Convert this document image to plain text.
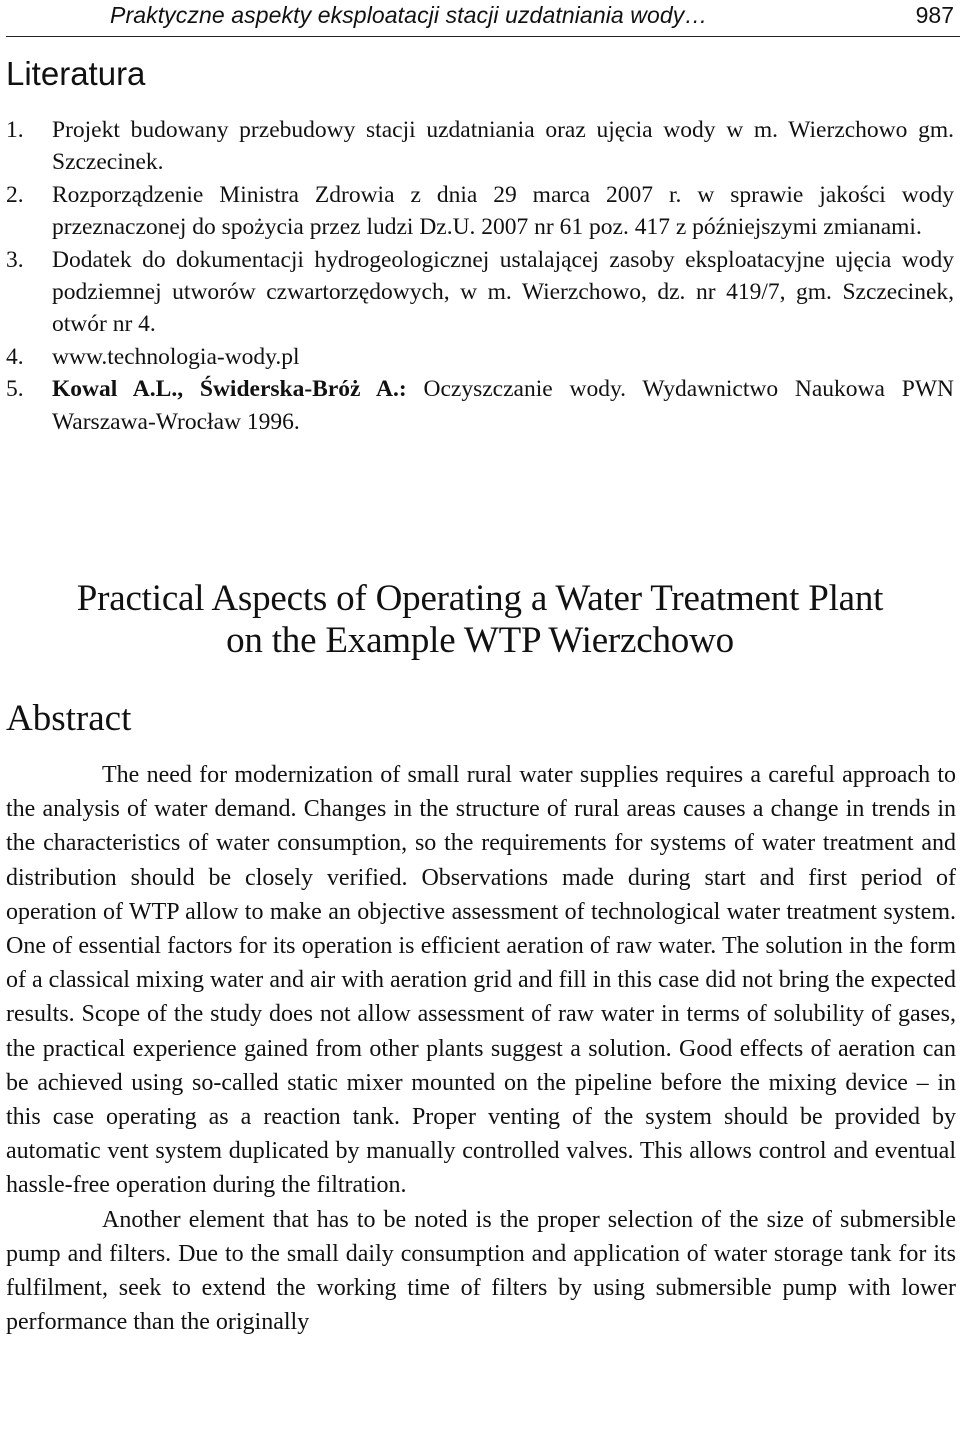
Praktyczne aspekty eksploatacji stacji uzdatniania wody…	987
Literatura
1. Projekt budowany przebudowy stacji uzdatniania oraz ujęcia wody w m. Wierzchowo gm. Szczecinek.
2. Rozporządzenie Ministra Zdrowia z dnia 29 marca 2007 r. w sprawie jakości wody przeznaczonej do spożycia przez ludzi Dz.U. 2007 nr 61 poz. 417 z późniejszymi zmianami.
3. Dodatek do dokumentacji hydrogeologicznej ustalającej zasoby eksploatacyjne ujęcia wody podziemnej utworów czwartorzędowych, w m. Wierzchowo, dz. nr 419/7, gm. Szczecinek, otwór nr 4.
4. www.technologia-wody.pl
5. Kowal A.L., Świderska-Bróż A.: Oczyszczanie wody. Wydawnictwo Naukowa PWN Warszawa-Wrocław 1996.
Practical Aspects of Operating a Water Treatment Plant
on the Example WTP Wierzchowo
Abstract

The need for modernization of small rural water supplies requires a careful approach to the analysis of water demand. Changes in the structure of rural areas causes a change in trends in the characteristics of water consumption, so the requirements for systems of water treatment and distribution should be closely verified. Observations made during start and first period of operation of WTP allow to make an objective assessment of technological water treatment system. One of essential factors for its operation is efficient aeration of raw water. The solution in the form of a classical mixing water and air with aeration grid and fill in this case did not bring the expected results. Scope of the study does not allow assessment of raw water in terms of solubility of gases, the practical experience gained from other plants suggest a solution. Good effects of aeration can be achieved using so-called static mixer mounted on the pipeline before the mixing device – in this case operating as a reaction tank. Proper venting of the system should be provided by automatic vent system duplicated by manually controlled valves. This allows control and eventual hassle-free operation during the filtration.

Another element that has to be noted is the proper selection of the size of submersible pump and filters. Due to the small daily consumption and application of water storage tank for its fulfilment, seek to extend the working time of filters by using submersible pump with lower performance than the originally
